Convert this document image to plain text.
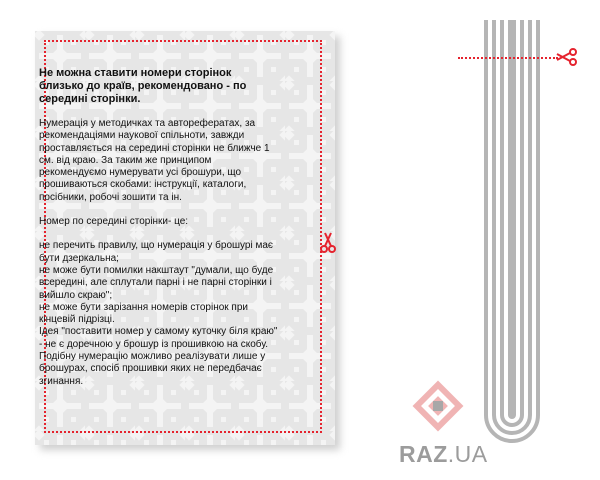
Не можна ставити номери сторінок близько до країв, рекомендовано - по середині сторінки.

Нумерація у методичках та авторефератах, за рекомендаціями наукової спільноти, завжди проставляється на середині сторінки не ближче 1 см. від краю. За таким же принципом рекомендуємо нумерувати усі брошури, що прошиваються скобами: інструкції, каталоги, посібники, робочі зошити та ін.

Номер по середині сторінки- це:

не перечить правилу, що нумерація у брошурі має бути дзеркальна;
не може бути помилки накштаут "думали, що буде всередині, але сплутали парні і не парні сторінки і вийшло скраю";
не може бути зарізання номерів сторінок при кінцевій підрізці.
Ідея "поставити номер у самому куточку біля краю" - не є доречною у брошур із прошивкою на скобу. Подібну нумерацію можливо реалізувати лише у брошурах, спосіб прошивки яких не передбачає згинання.
RAZ.UA
